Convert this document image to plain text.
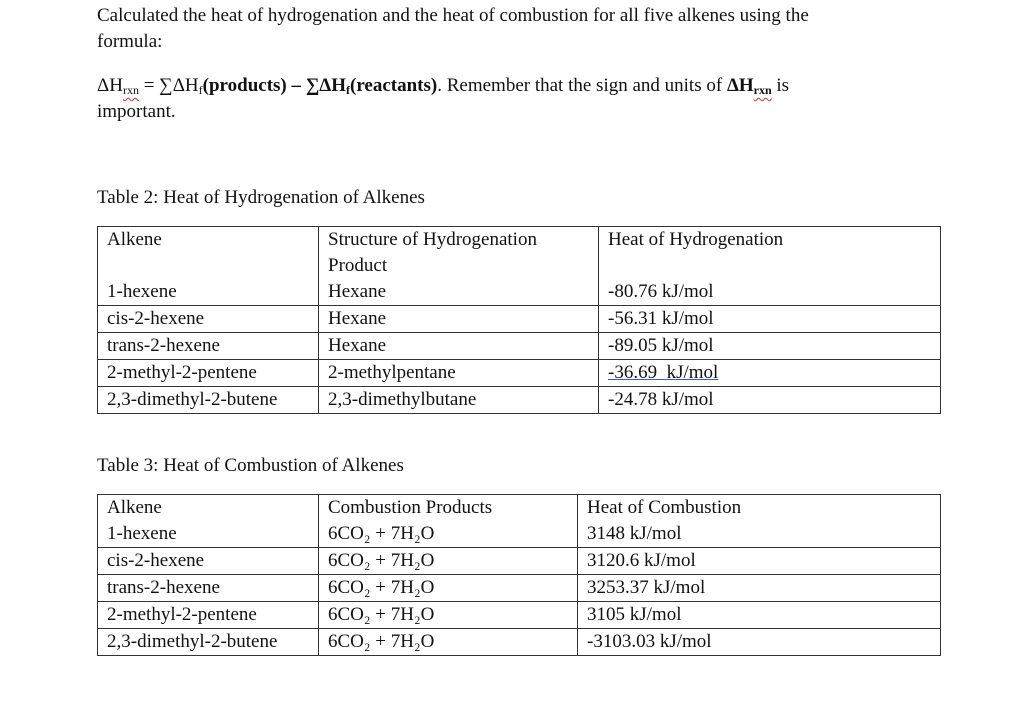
Calculated the heat of hydrogenation and the heat of combustion for all five alkenes using the
formula:

$\Delta H_{rxn}$ = $\sum\Delta H_f(products)$ – $\sum\Delta H_f(reactants)$. Remember that the sign and units of $\Delta H_{rxn}$ is
important.

Table 2: Heat of Hydrogenation of Alkenes

Alkene	Structure of Hydrogenation Product	Heat of Hydrogenation
1-hexene	Hexane	-80.76 kJ/mol
cis-2-hexene	Hexane	-56.31 kJ/mol
trans-2-hexene	Hexane	-89.05 kJ/mol
2-methyl-2-pentene	2-methylpentane	-36.69  kJ/mol
2,3-dimethyl-2-butene	2,3-dimethylbutane	-24.78 kJ/mol

Table 3: Heat of Combustion of Alkenes

Alkene	Combustion Products	Heat of Combustion
1-hexene	6CO₂ + 7H₂O	3148 kJ/mol
cis-2-hexene	6CO₂ + 7H₂O	3120.6 kJ/mol
trans-2-hexene	6CO₂ + 7H₂O	3253.37 kJ/mol
2-methyl-2-pentene	6CO₂ + 7H₂O	3105 kJ/mol
2,3-dimethyl-2-butene	6CO₂ + 7H₂O	-3103.03 kJ/mol
